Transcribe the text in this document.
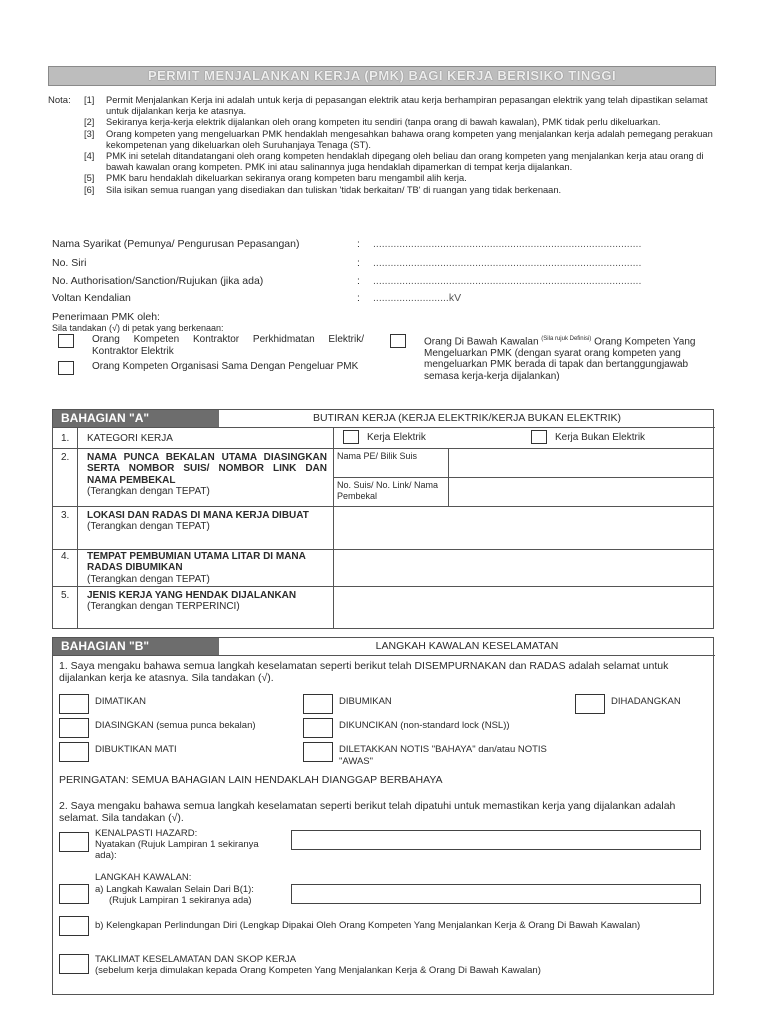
PERMIT MENJALANKAN KERJA (PMK) BAGI KERJA BERISIKO TINGGI
Nota: [1]	Permit Menjalankan Kerja ini adalah untuk kerja di pepasangan elektrik atau kerja berhampiran pepasangan elektrik yang telah dipastikan selamat untuk dijalankan kerja ke atasnya.
[2]	Sekiranya kerja-kerja elektrik dijalankan oleh orang kompeten itu sendiri (tanpa orang di bawah kawalan), PMK tidak perlu dikeluarkan.
[3]	Orang kompeten yang mengeluarkan PMK hendaklah mengesahkan bahawa orang kompeten yang menjalankan kerja adalah pemegang perakuan kekompetenan yang dikeluarkan oleh Suruhanjaya Tenaga (ST).
[4]	PMK ini setelah ditandatangani oleh orang kompeten hendaklah dipegang oleh beliau dan orang kompeten yang menjalankan kerja atau orang di bawah kawalan orang kompeten. PMK ini atau salinannya juga hendaklah dipamerkan di tempat kerja dijalankan.
[5]	PMK baru hendaklah dikeluarkan sekiranya orang kompeten baru mengambil alih kerja.
[6]	Sila isikan semua ruangan yang disediakan dan tuliskan 'tidak berkaitan/ TB' di ruangan yang tidak berkenaan.
Nama Syarikat (Pemunya/ Pengurusan Pepasangan)	:	............................................................................................
No. Siri	:	............................................................................................
No. Authorisation/Sanction/Rujukan (jika ada)	:	............................................................................................
Voltan Kendalian	:	..........................kV
Penerimaan PMK oleh:
Sila tandakan (√) di petak yang berkenaan:
Orang Kompeten Kontraktor Perkhidmatan Elektrik/ Kontraktor Elektrik
Orang Kompeten Organisasi Sama Dengan Pengeluar PMK
Orang Di Bawah Kawalan $^{(Sila rujuk Definisi)}$ Orang Kompeten Yang Mengeluarkan PMK (dengan syarat orang kompeten yang mengeluarkan PMK berada di tapak dan bertanggungjawab semasa kerja-kerja dijalankan)
BAHAGIAN "A"	BUTIRAN KERJA (KERJA ELEKTRIK/KERJA BUKAN ELEKTRIK)
1. KATEGORI KERJA	Kerja Elektrik	Kerja Bukan Elektrik
2. NAMA PUNCA BEKALAN UTAMA DIASINGKAN SERTA NOMBOR SUIS/ NOMBOR LINK DAN NAMA PEMBEKAL
(Terangkan dengan TEPAT)
Nama PE/ Bilik Suis
No. Suis/ No. Link/ Nama Pembekal
3. LOKASI DAN RADAS DI MANA KERJA DIBUAT
(Terangkan dengan TEPAT)
4. TEMPAT PEMBUMIAN UTAMA LITAR DI MANA RADAS DIBUMIKAN
(Terangkan dengan TEPAT)
5. JENIS KERJA YANG HENDAK DIJALANKAN
(Terangkan dengan TERPERINCI)
BAHAGIAN "B"	LANGKAH KAWALAN KESELAMATAN
1. Saya mengaku bahawa semua langkah keselamatan seperti berikut telah DISEMPURNAKAN dan RADAS adalah selamat untuk dijalankan kerja ke atasnya. Sila tandakan (√).
DIMATIKAN	DIBUMIKAN	DIHADANGKAN
DIASINGKAN (semua punca bekalan)	DIKUNCIKAN (non-standard lock (NSL))
DIBUKTIKAN MATI	DILETAKKAN NOTIS "BAHAYA" dan/atau NOTIS "AWAS"
PERINGATAN: SEMUA BAHAGIAN LAIN HENDAKLAH DIANGGAP BERBAHAYA
2. Saya mengaku bahawa semua langkah keselamatan seperti berikut telah dipatuhi untuk memastikan kerja yang dijalankan adalah selamat. Sila tandakan (√).
KENALPASTI HAZARD:
Nyatakan (Rujuk Lampiran 1 sekiranya ada):
LANGKAH KAWALAN:
a) Langkah Kawalan Selain Dari B(1):
(Rujuk Lampiran 1 sekiranya ada)
b) Kelengkapan Perlindungan Diri (Lengkap Dipakai Oleh Orang Kompeten Yang Menjalankan Kerja & Orang Di Bawah Kawalan)
TAKLIMAT KESELAMATAN DAN SKOP KERJA
(sebelum kerja dimulakan kepada Orang Kompeten Yang Menjalankan Kerja & Orang Di Bawah Kawalan)
